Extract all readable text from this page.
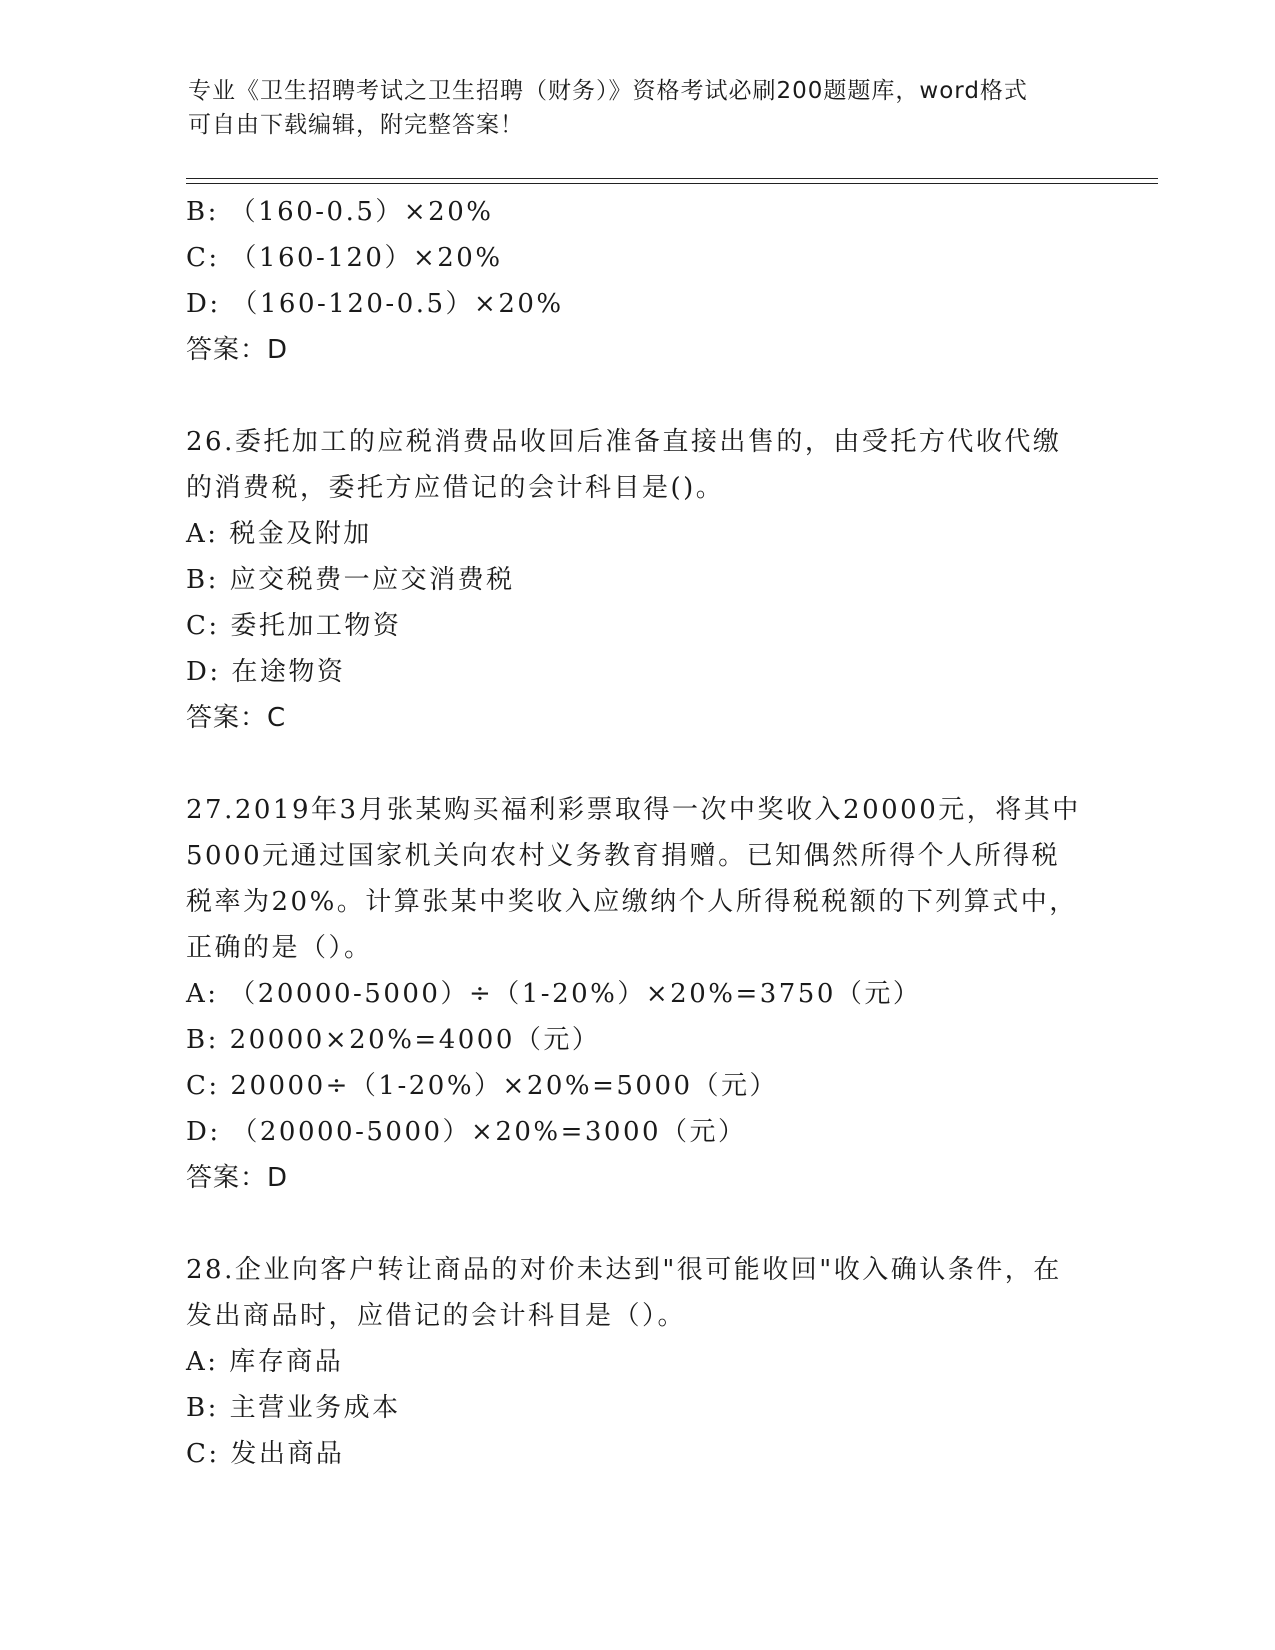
专业《卫生招聘考试之卫生招聘（财务）》资格考试必刷200题题库，word格式
可自由下载编辑，附完整答案！
B: （160-0.5）×20%
C: （160-120）×20%
D: （160-120-0.5）×20%
答案：D
26.委托加工的应税消费品收回后准备直接出售的，由受托方代收代缴
的消费税，委托方应借记的会计科目是()。
A: 税金及附加
B: 应交税费一应交消费税
C: 委托加工物资
D: 在途物资
答案：C
27.2019年3月张某购买福利彩票取得一次中奖收入20000元，将其中
5000元通过国家机关向农村义务教育捐赠。已知偶然所得个人所得税
税率为20%。计算张某中奖收入应缴纳个人所得税税额的下列算式中，
正确的是（）。
A: （20000-5000）÷（1-20%）×20%=3750（元）
B: 20000×20%=4000（元）
C: 20000÷（1-20%）×20%=5000（元）
D: （20000-5000）×20%=3000（元）
答案：D
28.企业向客户转让商品的对价未达到"很可能收回"收入确认条件，在
发出商品时，应借记的会计科目是（）。
A: 库存商品
B: 主营业务成本
C: 发出商品
